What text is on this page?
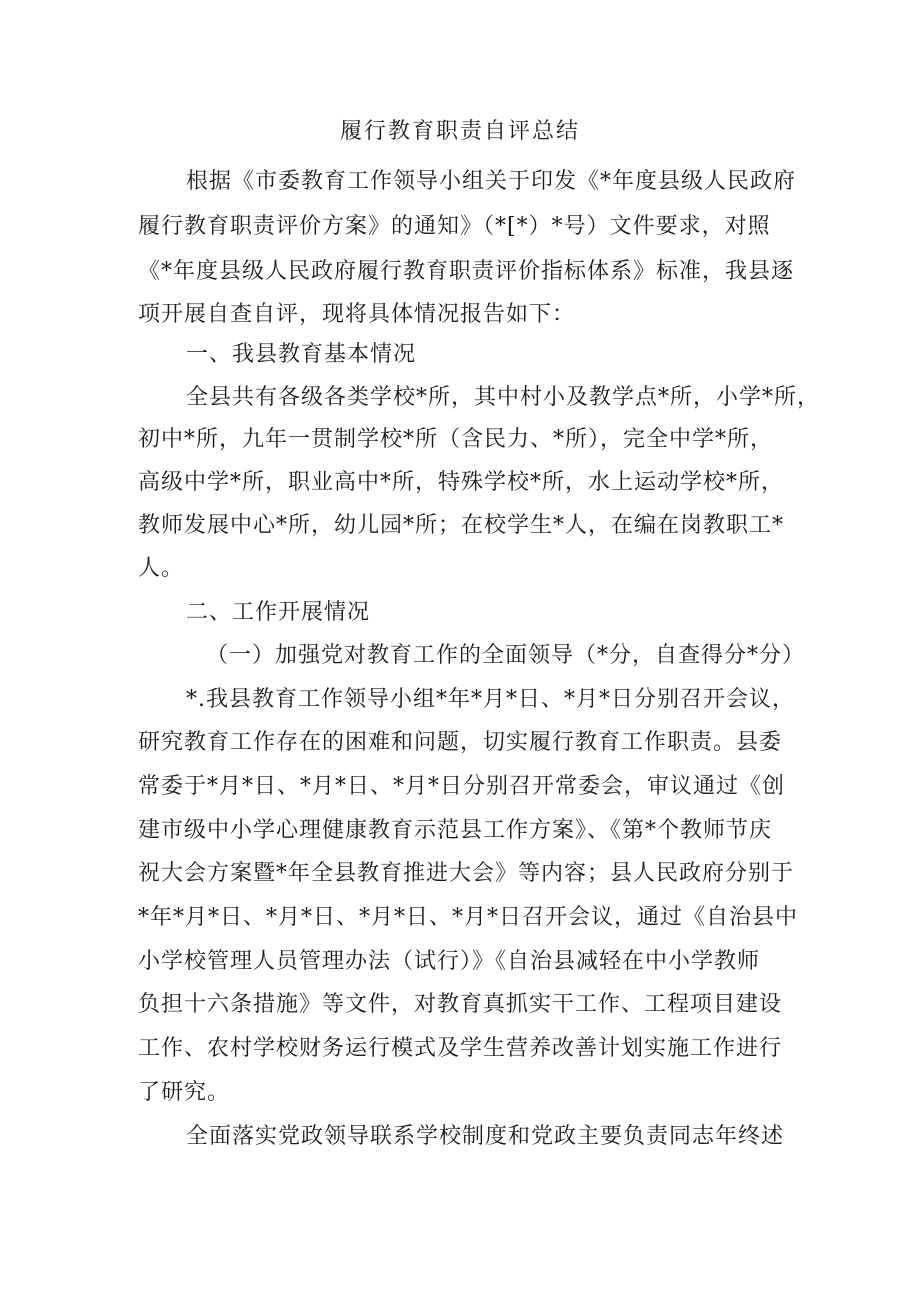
履行教育职责自评总结
根据《市委教育工作领导小组关于印发《*年度县级人民政府
履行教育职责评价方案》的通知》（*[*）*号）文件要求，对照
《*年度县级人民政府履行教育职责评价指标体系》标准，我县逐
项开展自查自评，现将具体情况报告如下：
一、我县教育基本情况
全县共有各级各类学校*所，其中村小及教学点*所，小学*所，
初中*所，九年一贯制学校*所（含民力、*所），完全中学*所，
高级中学*所，职业高中*所，特殊学校*所，水上运动学校*所，
教师发展中心*所，幼儿园*所；在校学生*人，在编在岗教职工*
人。
二、工作开展情况
（一）加强党对教育工作的全面领导（*分，自查得分*分）
*.我县教育工作领导小组*年*月*日、*月*日分别召开会议，
研究教育工作存在的困难和问题，切实履行教育工作职责。县委
常委于*月*日、*月*日、*月*日分别召开常委会，审议通过《创
建市级中小学心理健康教育示范县工作方案》、《第*个教师节庆
祝大会方案暨*年全县教育推进大会》等内容；县人民政府分别于
*年*月*日、*月*日、*月*日、*月*日召开会议，通过《自治县中
小学校管理人员管理办法（试行）》《自治县减轻在中小学教师
负担十六条措施》等文件，对教育真抓实干工作、工程项目建设
工作、农村学校财务运行模式及学生营养改善计划实施工作进行
了研究。
全面落实党政领导联系学校制度和党政主要负责同志年终述
